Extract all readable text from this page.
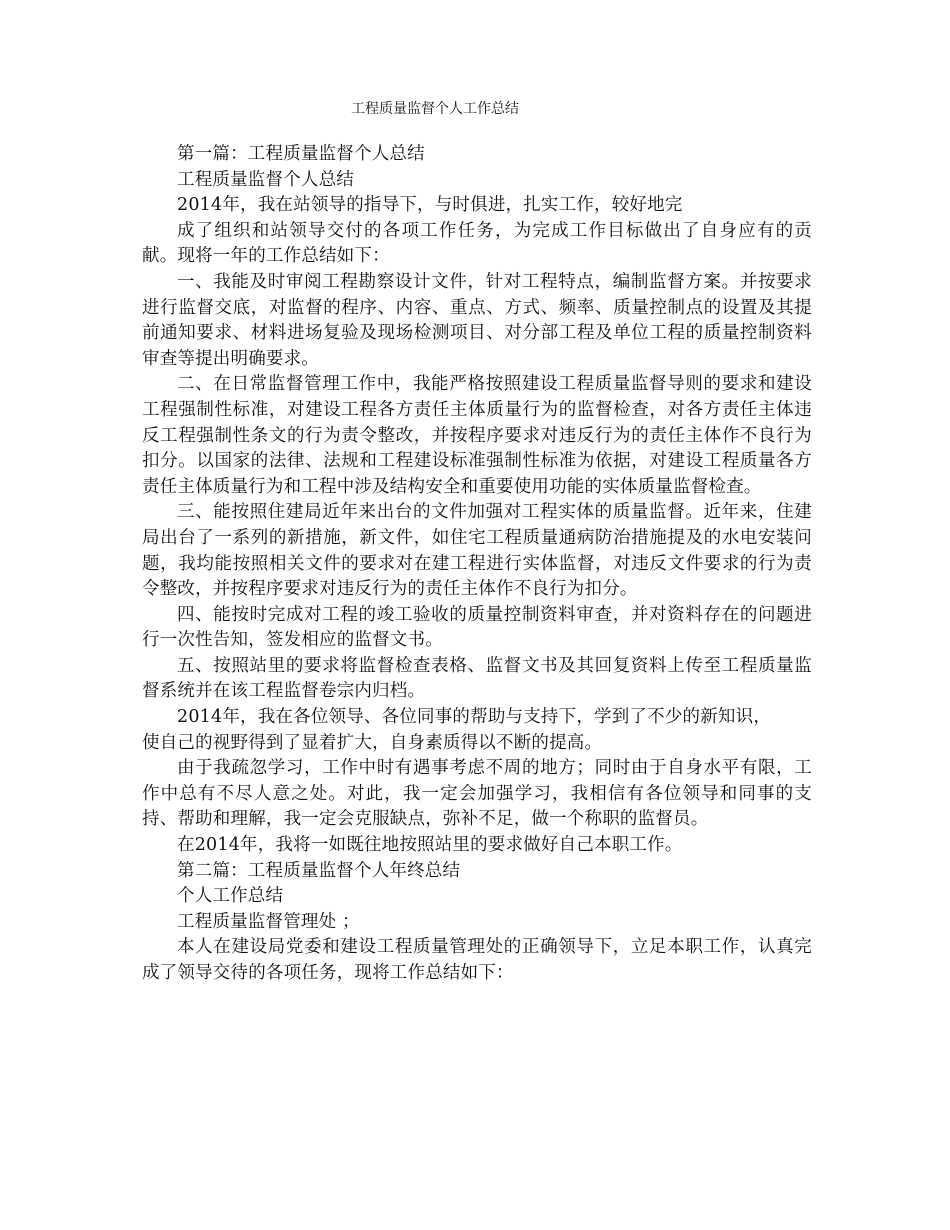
工程质量监督个人工作总结

第一篇：工程质量监督个人总结

工程质量监督个人总结

2014年，我在站领导的指导下，与时俱进，扎实工作，较好地完

成了组织和站领导交付的各项工作任务，为完成工作目标做出了自身应有的贡献。现将一年的工作总结如下：

一、我能及时审阅工程勘察设计文件，针对工程特点，编制监督方案。并按要求进行监督交底，对监督的程序、内容、重点、方式、频率、质量控制点的设置及其提前通知要求、材料进场复验及现场检测项目、对分部工程及单位工程的质量控制资料审查等提出明确要求。

二、在日常监督管理工作中，我能严格按照建设工程质量监督导则的要求和建设工程强制性标准，对建设工程各方责任主体质量行为的监督检查，对各方责任主体违反工程强制性条文的行为责令整改，并按程序要求对违反行为的责任主体作不良行为扣分。以国家的法律、法规和工程建设标准强制性标准为依据，对建设工程质量各方责任主体质量行为和工程中涉及结构安全和重要使用功能的实体质量监督检查。

三、能按照住建局近年来出台的文件加强对工程实体的质量监督。近年来，住建局出台了一系列的新措施，新文件，如住宅工程质量通病防治措施提及的水电安装问题，我均能按照相关文件的要求对在建工程进行实体监督，对违反文件要求的行为责令整改，并按程序要求对违反行为的责任主体作不良行为扣分。

四、能按时完成对工程的竣工验收的质量控制资料审查，并对资料存在的问题进行一次性告知，签发相应的监督文书。

五、按照站里的要求将监督检查表格、监督文书及其回复资料上传至工程质量监督系统并在该工程监督卷宗内归档。

2014年，我在各位领导、各位同事的帮助与支持下，学到了不少的新知识，

使自己的视野得到了显着扩大，自身素质得以不断的提高。

由于我疏忽学习，工作中时有遇事考虑不周的地方；同时由于自身水平有限，工作中总有不尽人意之处。对此，我一定会加强学习，我相信有各位领导和同事的支持、帮助和理解，我一定会克服缺点，弥补不足，做一个称职的监督员。

在2014年，我将一如既往地按照站里的要求做好自己本职工作。

第二篇：工程质量监督个人年终总结

个人工作总结

工程质量监督管理处 ；

本人在建设局党委和建设工程质量管理处的正确领导下，立足本职工作，认真完成了领导交待的各项任务，现将工作总结如下：
